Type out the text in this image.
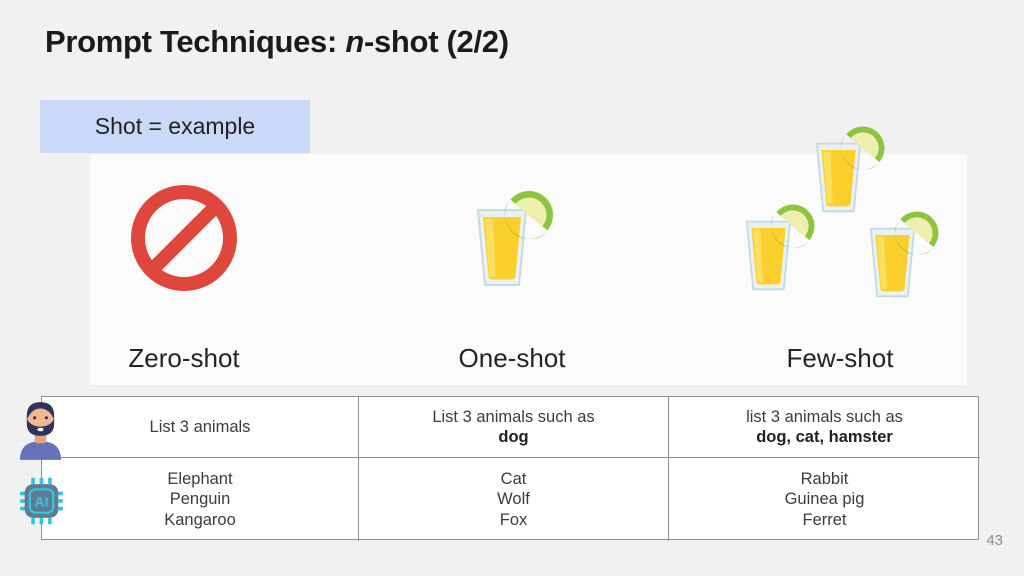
Prompt Techniques: n-shot (2/2)
Shot = example
Zero-shot	One-shot	Few-shot
List 3 animals
List 3 animals such as
dog
list 3 animals such as
dog, cat, hamster
Elephant
Penguin
Kangaroo
Cat
Wolf
Fox
Rabbit
Guinea pig
Ferret
AI
43
